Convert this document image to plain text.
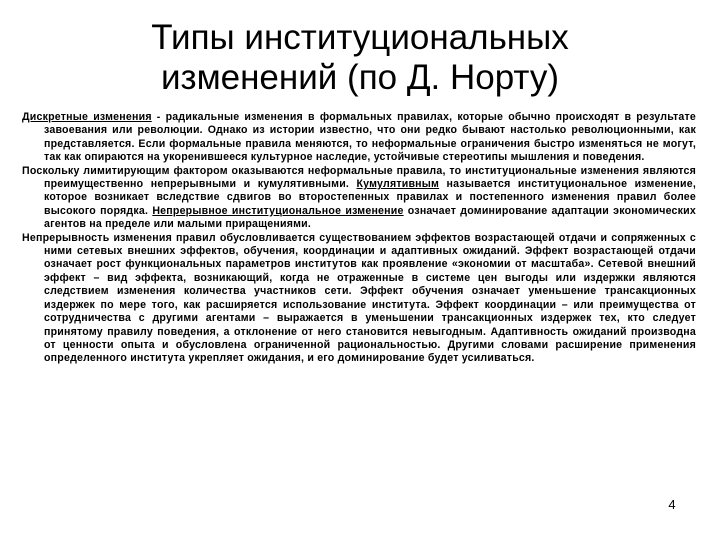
Типы институциональных
изменений (по Д. Норту)

Дискретные изменения - радикальные изменения в формальных правилах, которые обычно происходят в результате завоевания или революции. Однако из истории известно, что они редко бывают настолько революционными, как представляется. Если формальные правила меняются, то неформальные ограничения быстро изменяться не могут, так как опираются на укоренившееся культурное наследие, устойчивые стереотипы мышления и поведения.

Поскольку лимитирующим фактором оказываются неформальные правила, то институциональные изменения являются преимущественно непрерывными и кумулятивными. Кумулятивным называется институциональное изменение, которое возникает вследствие сдвигов во второстепенных правилах и постепенного изменения правил более высокого порядка. Непрерывное институциональное изменение означает доминирование адаптации экономических агентов на пределе или малыми приращениями.

Непрерывность изменения правил обусловливается существованием эффектов возрастающей отдачи и сопряженных с ними сетевых внешних эффектов, обучения, координации и адаптивных ожиданий. Эффект возрастающей отдачи означает рост функциональных параметров институтов как проявление «экономии от масштаба». Сетевой внешний эффект – вид эффекта, возникающий, когда не отраженные в системе цен выгоды или издержки являются следствием изменения количества участников сети. Эффект обучения означает уменьшение трансакционных издержек по мере того, как расширяется использование института. Эффект координации – или преимущества от сотрудничества с другими агентами – выражается в уменьшении трансакционных издержек тех, кто следует принятому правилу поведения, а отклонение от него становится невыгодным. Адаптивность ожиданий производна от ценности опыта и обусловлена ограниченной рациональностью. Другими словами расширение применения определенного института укрепляет ожидания, и его доминирование будет усиливаться.

4
